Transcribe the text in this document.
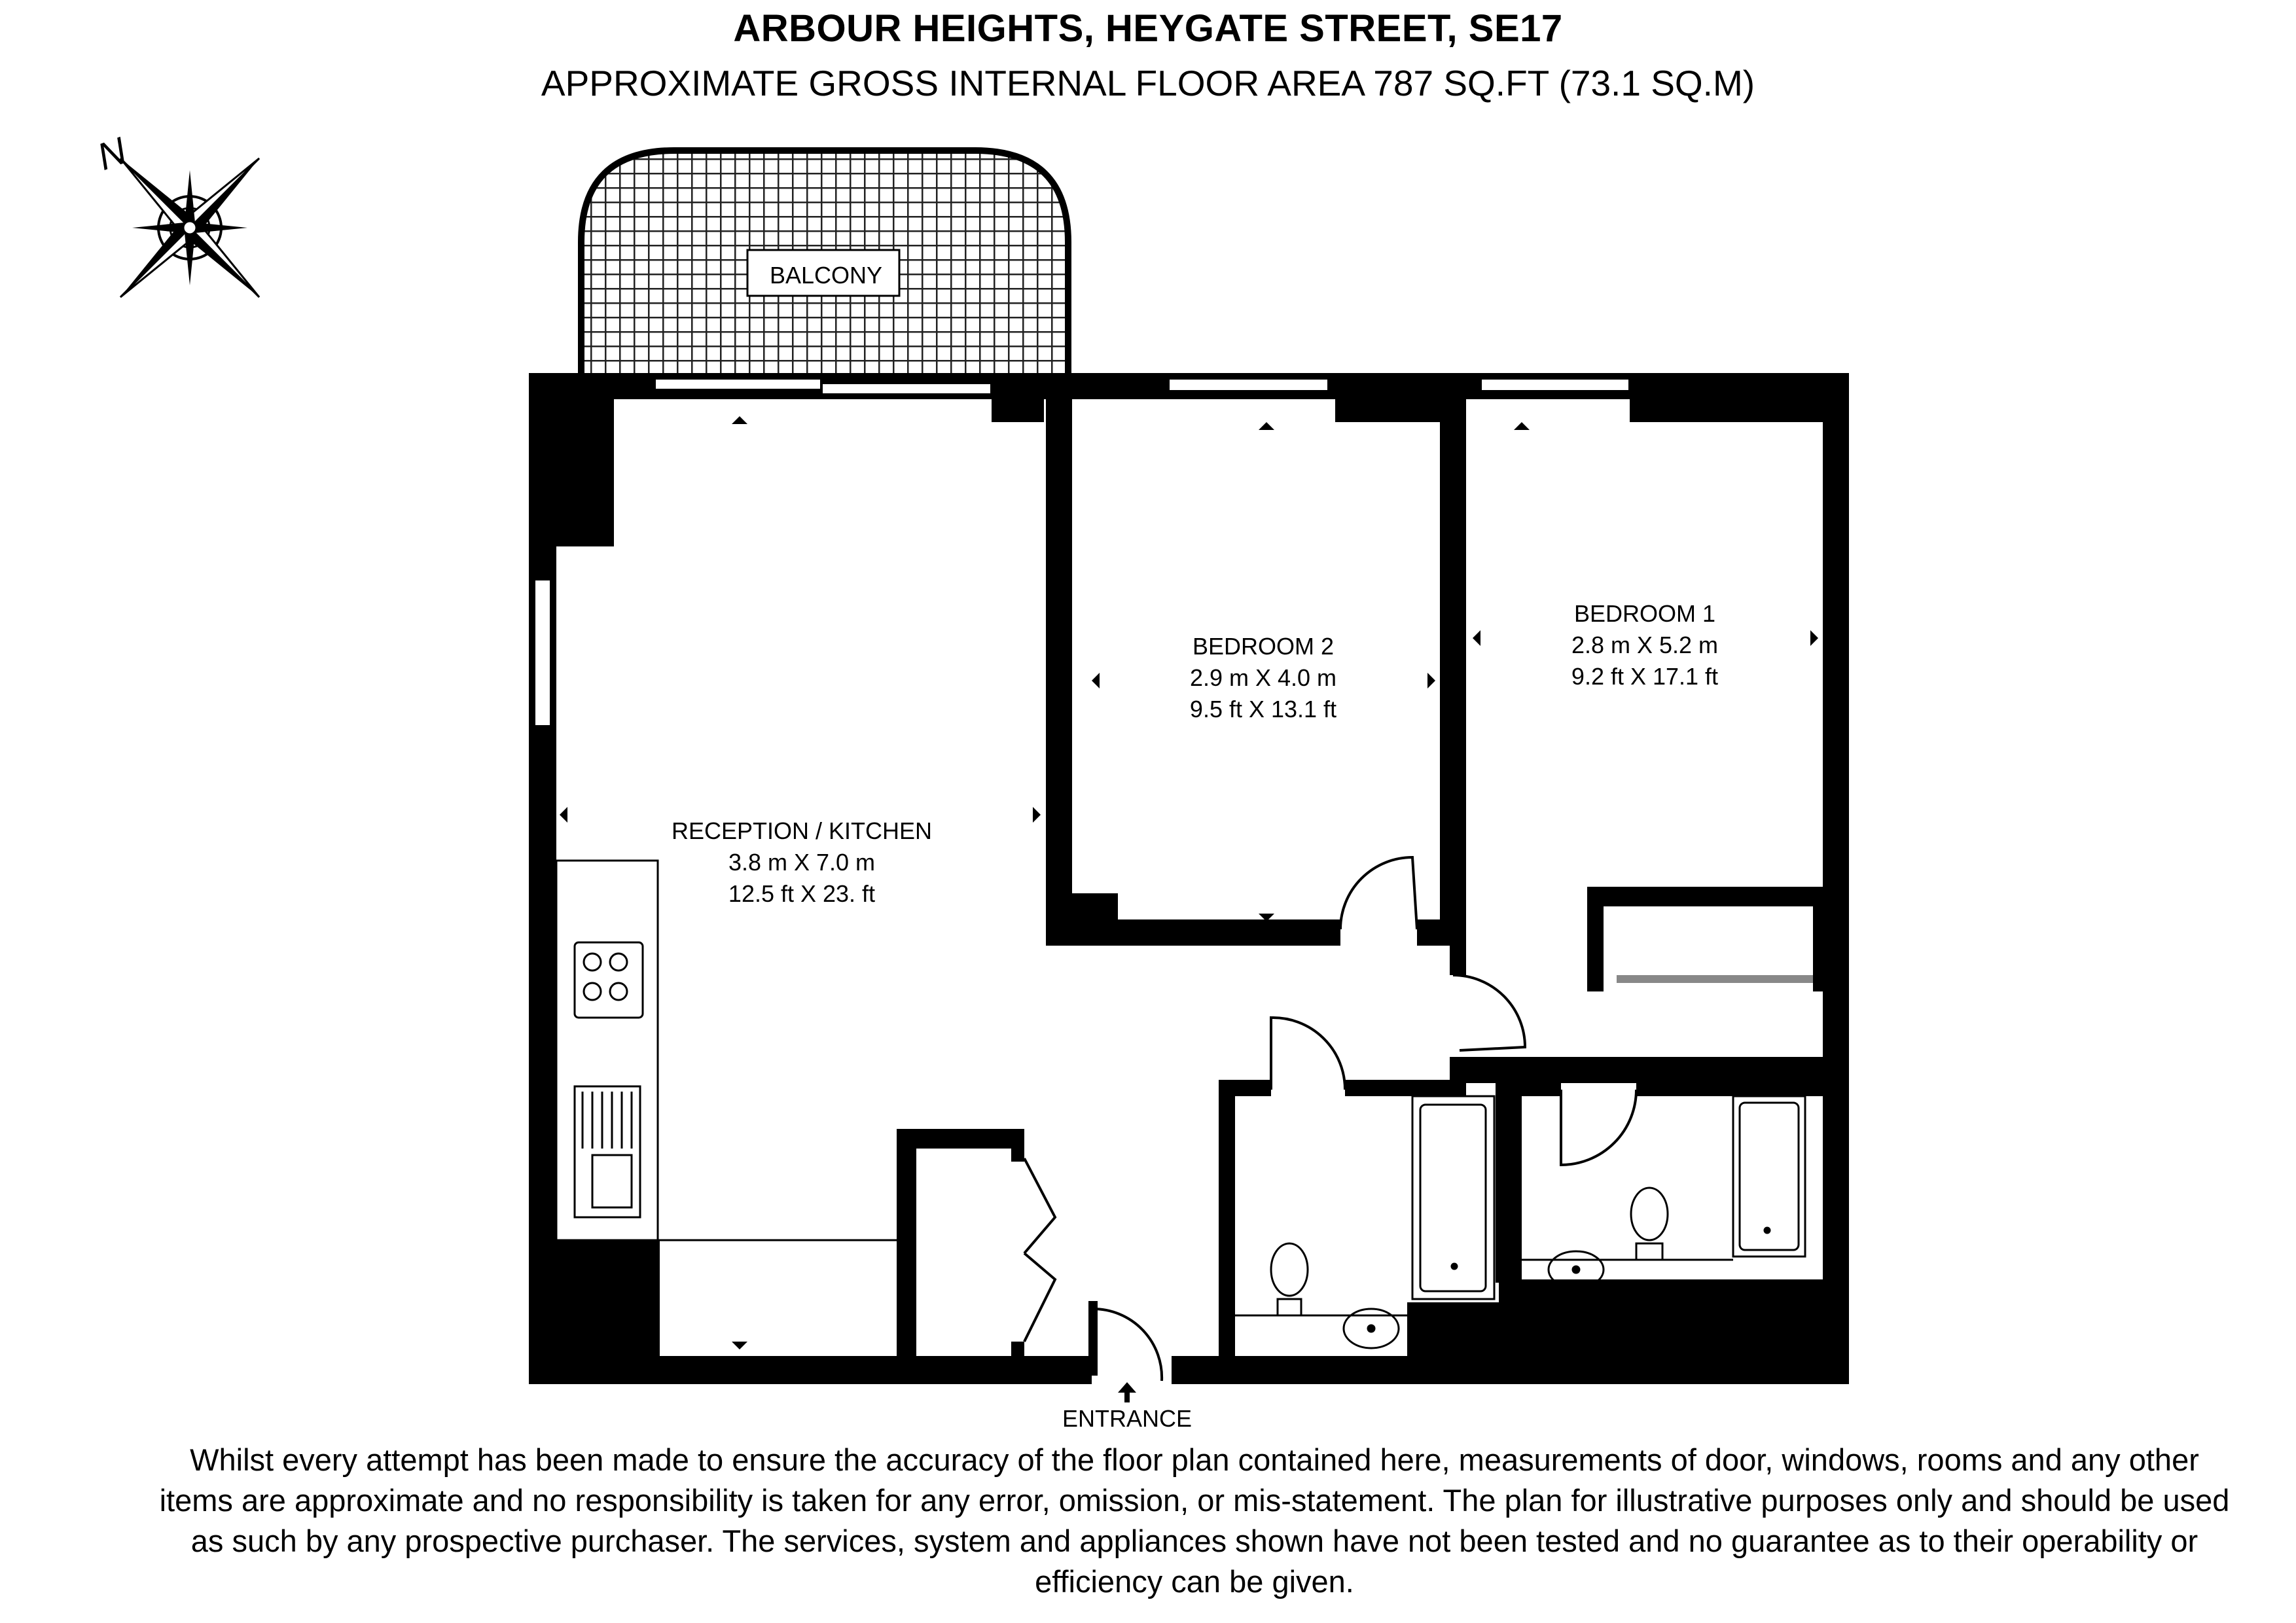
ARBOUR HEIGHTS, HEYGATE STREET, SE17
APPROXIMATE GROSS INTERNAL FLOOR AREA 787 SQ.FT (73.1 SQ.M)
N
BALCONY
RECEPTION / KITCHEN
3.8 m X 7.0 m
12.5 ft X 23. ft
BEDROOM 2
2.9 m X 4.0 m
9.5 ft X 13.1 ft
BEDROOM 1
2.8 m X 5.2 m
9.2 ft X 17.1 ft
ENTRANCE
Whilst every attempt has been made to ensure the accuracy of the floor plan contained here, measurements of door, windows, rooms and any other items are approximate and no responsibility is taken for any error, omission, or mis-statement. The plan for illustrative purposes only and should be used as such by any prospective purchaser. The services, system and appliances shown have not been tested and no guarantee as to their operability or efficiency can be given.
